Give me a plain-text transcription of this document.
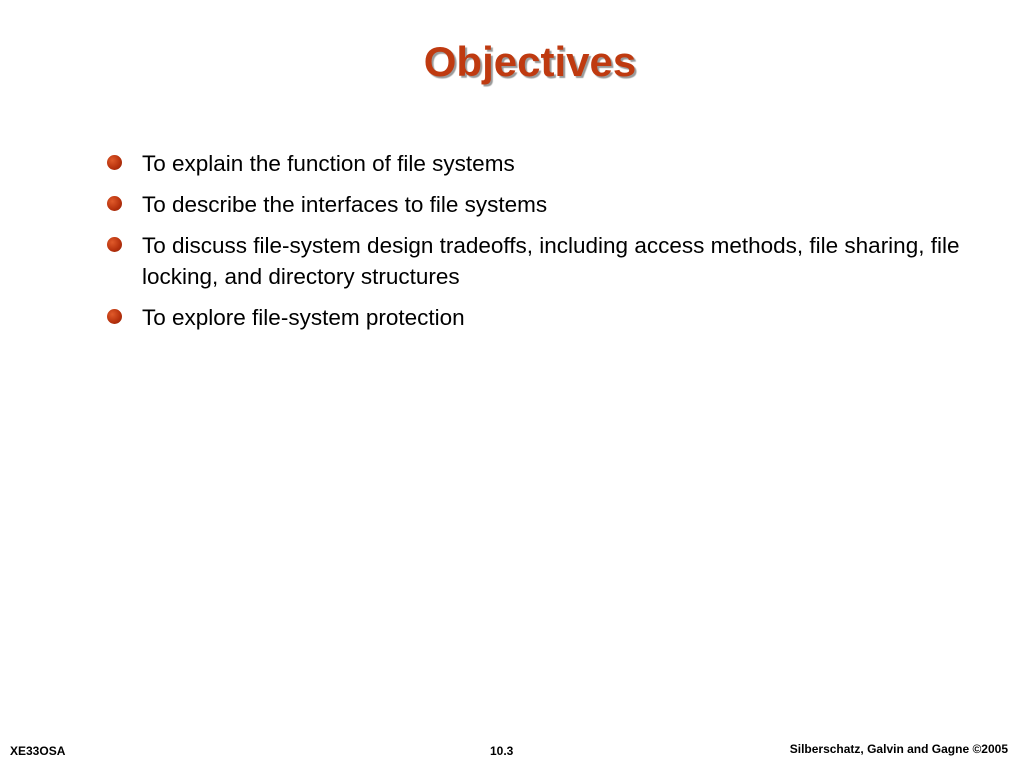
Objectives
To explain the function of file systems
To describe the interfaces to file systems
To discuss file-system design tradeoffs, including access methods, file sharing, file locking, and directory structures
To explore file-system protection
XE33OSA	10.3	Silberschatz, Galvin and Gagne ©2005
